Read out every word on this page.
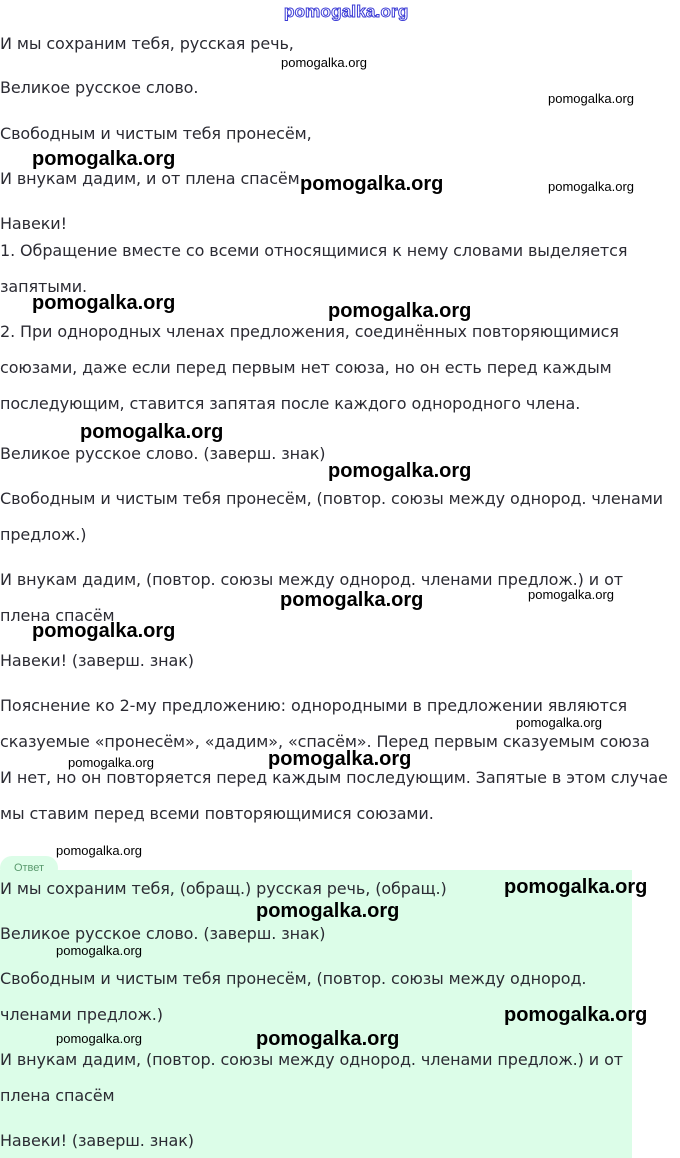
Ответ
И мы сохраним тебя, русская речь,
Великое русское слово.
Свободным и чистым тебя пронесём,
И внукам дадим, и от плена спасём
Навеки!
1. Обращение вместе со всеми относящимися к нему словами выделяется
запятыми.
2. При однородных членах предложения, соединённых повторяющимися
союзами, даже если перед первым нет союза, но он есть перед каждым
последующим, ставится запятая после каждого однородного члена.
Великое русское слово. (заверш. знак)
Свободным и чистым тебя пронесём, (повтор. союзы между однород. членами
предлож.)
И внукам дадим, (повтор. союзы между однород. членами предлож.) и от
плена спасём
Навеки! (заверш. знак)
Пояснение ко 2-му предложению: однородными в предложении являются
сказуемые «пронесём», «дадим», «спасём». Перед первым сказуемым союза
И нет, но он повторяется перед каждым последующим. Запятые в этом случае
мы ставим перед всеми повторяющимися союзами.
И мы сохраним тебя, (обращ.) русская речь, (обращ.)
Великое русское слово. (заверш. знак)
Свободным и чистым тебя пронесём, (повтор. союзы между однород.
членами предлож.)
И внукам дадим, (повтор. союзы между однород. членами предлож.) и от
плена спасём
Навеки! (заверш. знак)
pomogalka.org
pomogalka.org
pomogalka.org
pomogalka.org
pomogalka.org	pomogalka.org
pomogalka.org	pomogalka.org
pomogalka.org
pomogalka.org
pomogalka.org	pomogalka.org
pomogalka.org
pomogalka.org
pomogalka.org	pomogalka.org
pomogalka.org
pomogalka.org
pomogalka.org
pomogalka.org
pomogalka.org
pomogalka.org	pomogalka.org
